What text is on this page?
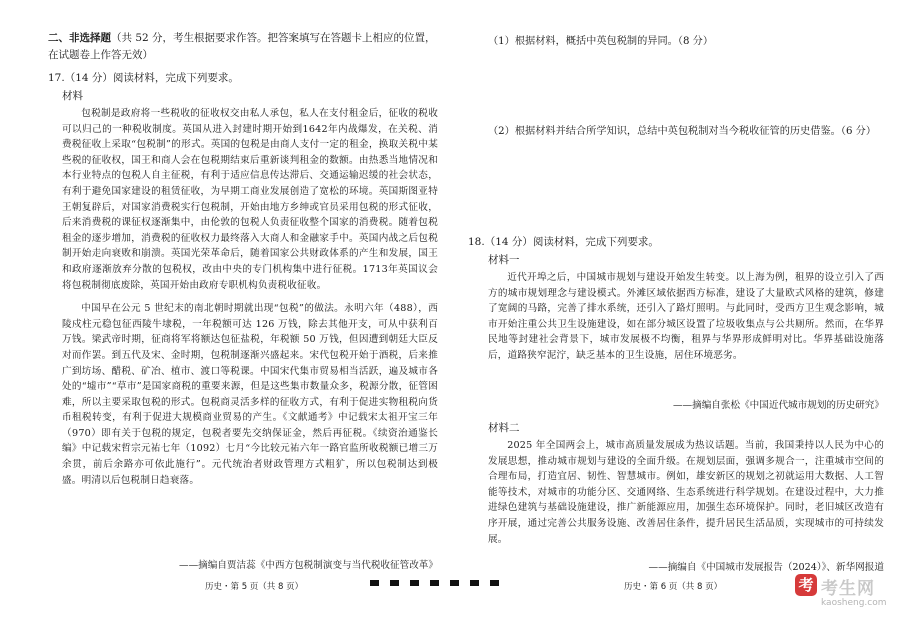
二、非选择题（共 52 分，考生根据要求作答。把答案填写在答题卡上相应的位置，在试题卷上作答无效）
17.（14 分）阅读材料，完成下列要求。
材料

包税制是政府将一些税收的征收权交由私人承包，私人在支付租金后，征收的税收可以归己的一种税收制度。英国从进入封建时期开始到1642年内战爆发，在关税、消费税征收上采取“包税制”的形式。英国的包税是由商人支付一定的租金，换取关税中某些税的征收权，国王和商人会在包税期结束后重新谈判租金的数额。由热悉当地情况和本行业特点的包税人自主征税，有利于适应信息传达滞后、交通运输迟缓的社会状态，有利于避免国家建设的租赁征收，为早期工商业发展创造了宽松的环境。英国斯图亚特王朝复辟后，对国家消费税实行包税制，开始由地方乡绅或官员采用包税的形式征收，后来消费税的课征权逐渐集中，由伦敦的包税人负责征收整个国家的消费税。随着包税租金的逐步增加，消费税的征收权力最终落入大商人和金融家手中。英国内战之后包税制开始走向衰败和崩溃。英国光荣革命后，随着国家公共财政体系的产生和发展，国王和政府逐渐放弃分散的包税权，改由中央的专门机构集中进行征税。1713年英国议会将包税制彻底废除，英国开始由政府专职机构负责税收征收。

中国早在公元 5 世纪末的南北朝时期就出现“包税”的做法。永明六年（488），西陵戍柱元稳包征西陵牛埭税，一年税额可达 126 万钱，除去其他开支，可从中获利百万钱。梁武帝时期，征商将军将额达包征盐税，年税额 50 万钱，但因遭到朝廷大臣反对而作罢。到五代及宋、金时期，包税制逐渐兴盛起来。宋代包税开始于酒税，后来推广到坊场、醋税、矿冶、植市、渡口等税课。中国宋代集市贸易相当活跃，遍及城市各处的“墟市”“草市”是国家商税的重要来源，但是这些集市数量众多，税源分散，征管困难，所以主要采取包税的形式。包税商灵活多样的征收方式，有利于促进实物租税向货币租税转变，有利于促进大规模商业贸易的产生。《文献通考》中记载宋太祖开宝三年（970）即有关于包税的规定，包税者要先交纳保证金，然后再征税。《续资治通鉴长编》中记载宋哲宗元祐七年（1092）七月“今比较元祐六年一路官监所收税额已增三万余贯，前后余路亦可依此施行”。元代统治者财政管理方式粗犷，所以包税制达到极盛。明清以后包税制日趋衰落。

——摘编自贾洁蕊《中西方包税制演变与当代税收征管改革》
历史・第 5 页（共 8 页）
（1）根据材料，概括中英包税制的异同。（8 分）
（2）根据材料并结合所学知识，总结中英包税制对当今税收征管的历史借鉴。（6 分）
18.（14 分）阅读材料，完成下列要求。
材料一

近代开埠之后，中国城市规划与建设开始发生转变。以上海为例，租界的设立引入了西方的城市规划理念与建设模式。外滩区域依据西方标准，建设了大量欧式风格的建筑，修建了宽阔的马路，完善了排水系统，还引入了路灯照明。与此同时，受西方卫生观念影响，城市开始注重公共卫生设施建设，如在部分城区设置了垃圾收集点与公共厕所。然而，在华界民地等封建社会背景下，城市发展极不均衡，租界与华界形成鲜明对比。华界基础设施落后，道路狭窄泥泞，缺乏基本的卫生设施，居住环境恶劣。

——摘编自张松《中国近代城市规划的历史研究》
材料二

2025 年全国两会上，城市高质量发展成为热议话题。当前，我国秉持以人民为中心的发展思想，推动城市规划与建设的全面升级。在规划层面，强调多规合一，注重城市空间的合理布局，打造宜居、韧性、智慧城市。例如，雄安新区的规划之初就运用大数据、人工智能等技术，对城市的功能分区、交通网络、生态系统进行科学规划。在建设过程中，大力推进绿色建筑与基础设施建设，推广新能源应用，加强生态环境保护。同时，老旧城区改造有序开展，通过完善公共服务设施、改善居住条件，提升居民生活品质，实现城市的可持续发展。

——摘编自《中国城市发展报告（2024）》、新华网报道
历史・第 6 页（共 8 页）	考 考生网
kaosheng.com
